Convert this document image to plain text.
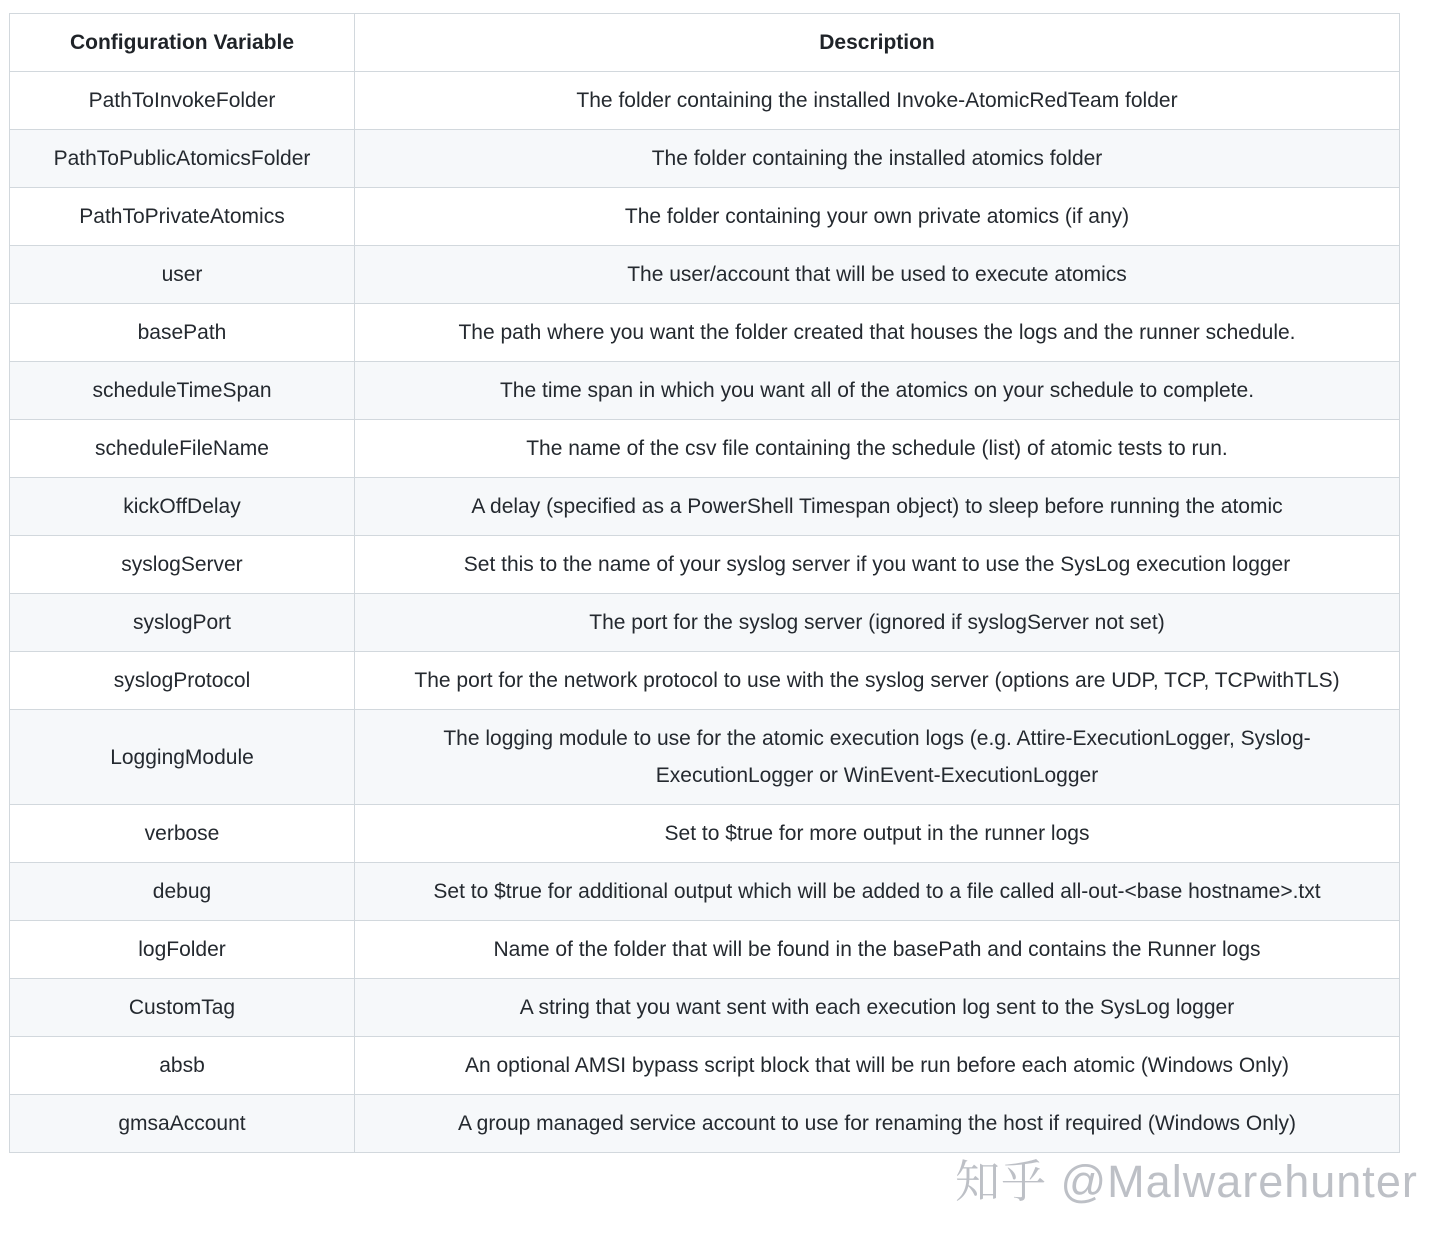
Configuration Variable	Description
PathToInvokeFolder	The folder containing the installed Invoke-AtomicRedTeam folder
PathToPublicAtomicsFolder	The folder containing the installed atomics folder
PathToPrivateAtomics	The folder containing your own private atomics (if any)
user	The user/account that will be used to execute atomics
basePath	The path where you want the folder created that houses the logs and the runner schedule.
scheduleTimeSpan	The time span in which you want all of the atomics on your schedule to complete.
scheduleFileName	The name of the csv file containing the schedule (list) of atomic tests to run.
kickOffDelay	A delay (specified as a PowerShell Timespan object) to sleep before running the atomic
syslogServer	Set this to the name of your syslog server if you want to use the SysLog execution logger
syslogPort	The port for the syslog server (ignored if syslogServer not set)
syslogProtocol	The port for the network protocol to use with the syslog server (options are UDP, TCP, TCPwithTLS)
LoggingModule	The logging module to use for the atomic execution logs (e.g. Attire-ExecutionLogger, Syslog-ExecutionLogger or WinEvent-ExecutionLogger
verbose	Set to $true for more output in the runner logs
debug	Set to $true for additional output which will be added to a file called all-out-<base hostname>.txt
logFolder	Name of the folder that will be found in the basePath and contains the Runner logs
CustomTag	A string that you want sent with each execution log sent to the SysLog logger
absb	An optional AMSI bypass script block that will be run before each atomic (Windows Only)
gmsaAccount	A group managed service account to use for renaming the host if required (Windows Only)
知乎 @Malwarehunter
